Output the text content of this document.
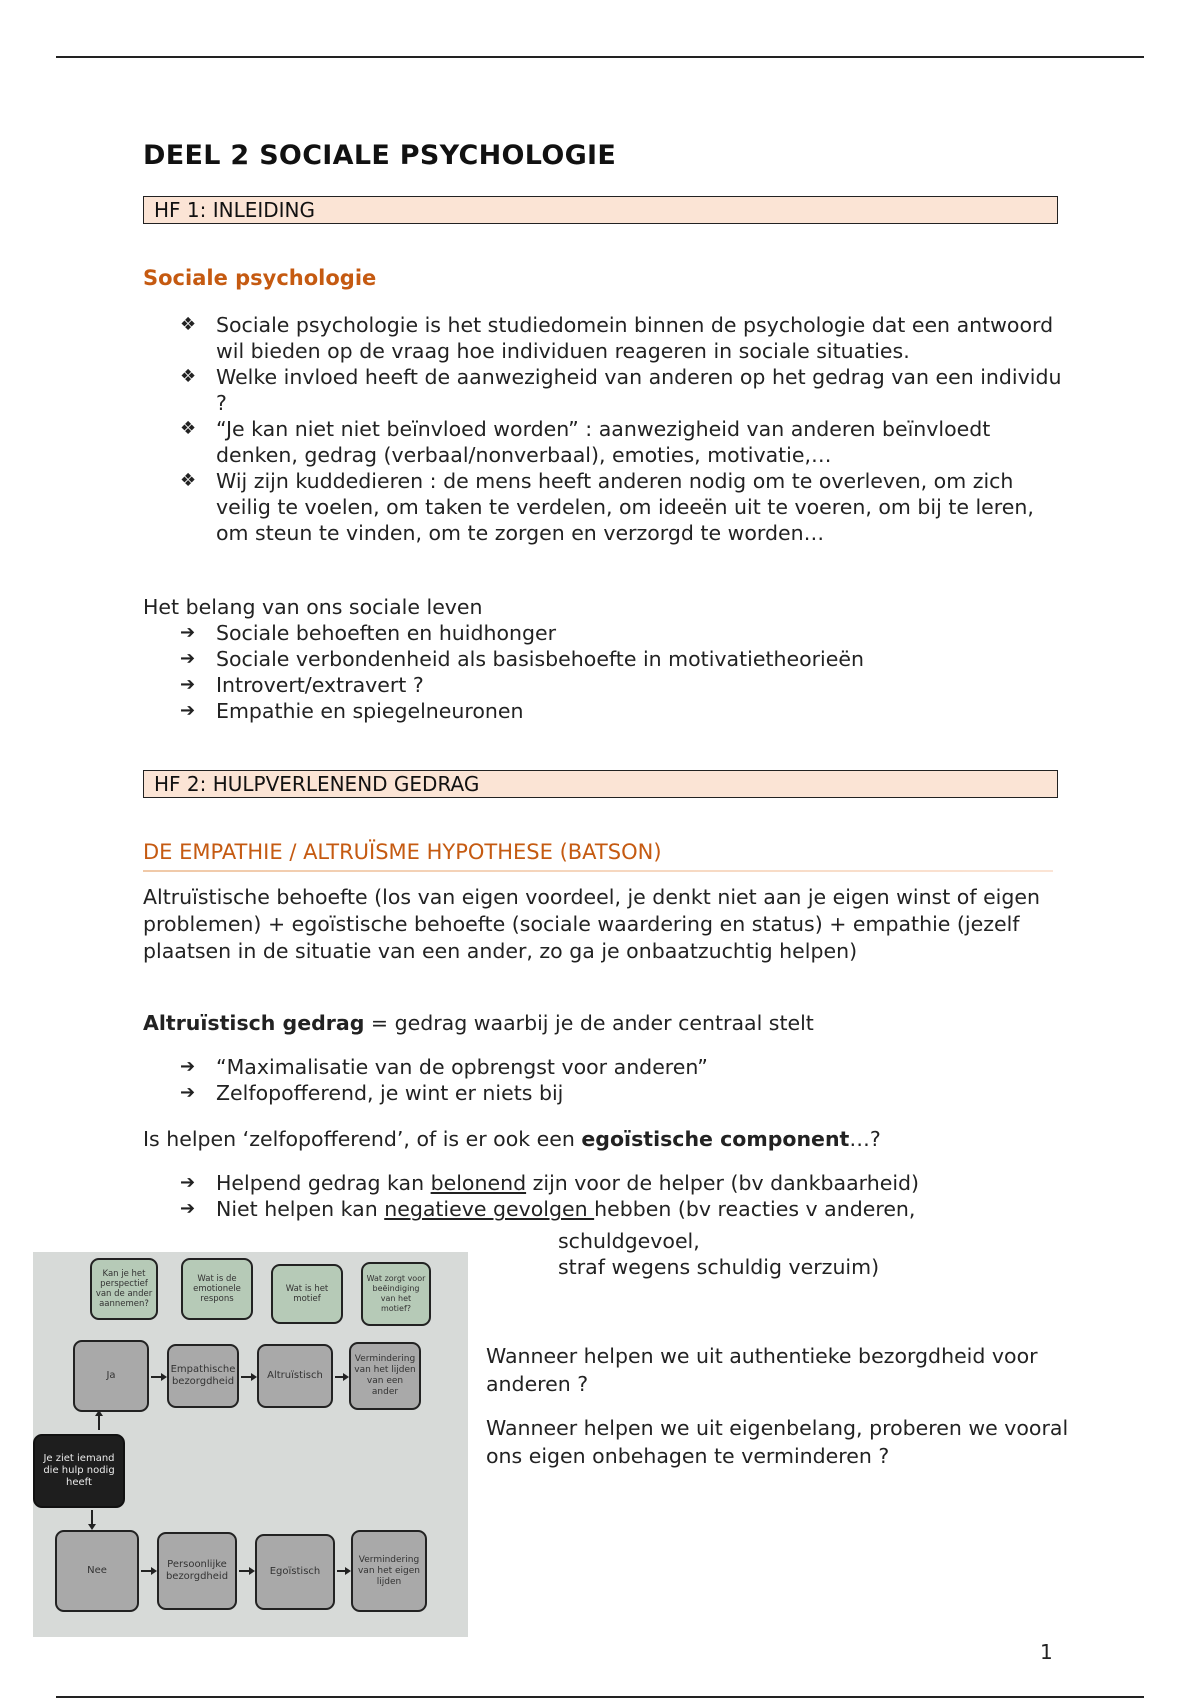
DEEL 2 SOCIALE PSYCHOLOGIE
HF 1: INLEIDING
Sociale psychologie
❖ Sociale psychologie is het studiedomein binnen de psychologie dat een antwoord wil bieden op de vraag hoe individuen reageren in sociale situaties.
❖ Welke invloed heeft de aanwezigheid van anderen op het gedrag van een individu ?
❖ “Je kan niet niet beïnvloed worden” : aanwezigheid van anderen beïnvloedt denken, gedrag (verbaal/nonverbaal), emoties, motivatie,…
❖ Wij zijn kuddedieren : de mens heeft anderen nodig om te overleven, om zich veilig te voelen, om taken te verdelen, om ideeën uit te voeren, om bij te leren, om steun te vinden, om te zorgen en verzorgd te worden…
Het belang van ons sociale leven
➔	Sociale behoeften en huidhonger
➔	Sociale verbondenheid als basisbehoefte in motivatietheorieën
➔	Introvert/extravert ?
➔	Empathie en spiegelneuronen
HF 2: HULPVERLENEND GEDRAG
DE EMPATHIE / ALTRUÏSME HYPOTHESE (BATSON)

Altruïstische behoefte (los van eigen voordeel, je denkt niet aan je eigen winst of eigen problemen) + egoïstische behoefte (sociale waardering en status) + empathie (jezelf plaatsen in de situatie van een ander, zo ga je onbaatzuchtig helpen)

Altruïstisch gedrag = gedrag waarbij je de ander centraal stelt

➔	“Maximalisatie van de opbrengst voor anderen”
➔	Zelfopofferend, je wint er niets bij

Is helpen ‘zelfopofferend’, of is er ook een egoïstische component…?

➔	Helpend gedrag kan belonend zijn voor de helper (bv dankbaarheid)
➔	Niet helpen kan negatieve gevolgen hebben (bv reacties v anderen,
schuldgevoel,
straf wegens schuldig verzuim)

Wanneer helpen we uit authentieke bezorgdheid voor anderen ?

Wanneer helpen we uit eigenbelang, proberen we vooral ons eigen onbehagen te verminderen ?

Kan je het perspectief van de ander aannemen?
Wat is de emotionele respons
Wat is het motief
Wat zorgt voor beëindiging van het motief?
Ja
Empathische bezorgdheid
Altruïstisch
Vermindering van het lijden van een ander
Je ziet iemand die hulp nodig heeft
Nee
Persoonlijke bezorgdheid	Egoïstisch
Vermindering van het eigen lijden
1
